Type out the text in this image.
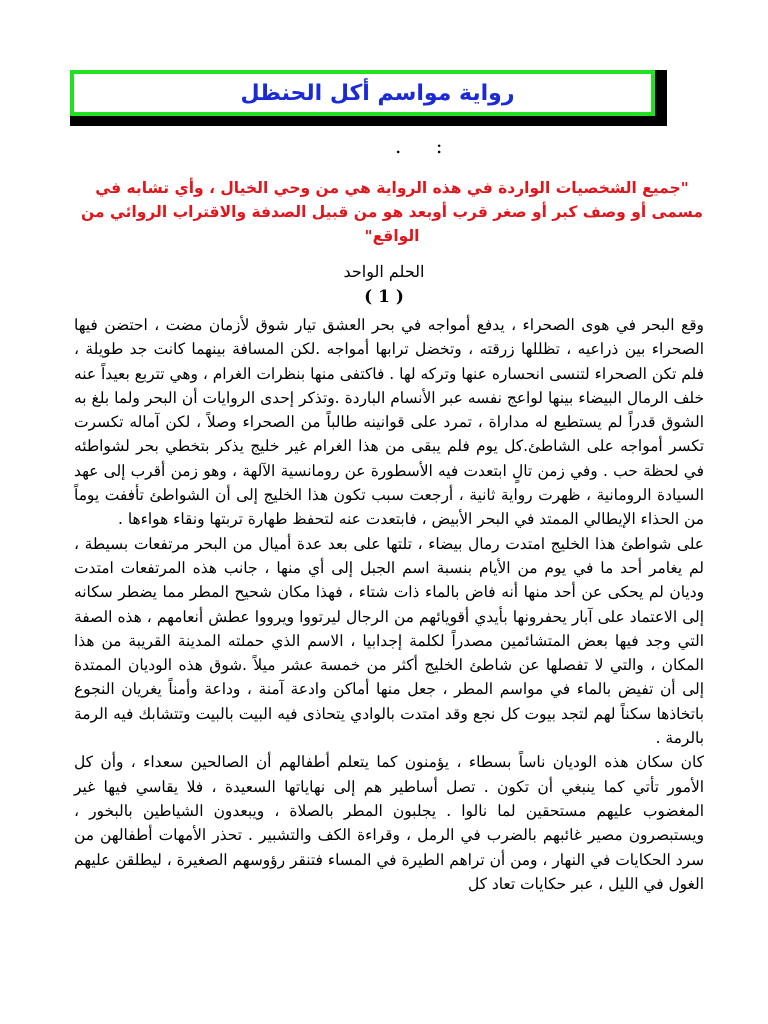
رواية مواسم أكل الحنظل
. :
"جميع الشخصيات الواردة في هذه الرواية هي من وحي الخيال ، وأي تشابه في مسمى أو وصف كبر أو صغر قرب أوبعد هو من قبيل الصدفة والاقتراب الروائي من الواقع"
الحلم الواحد
( 1 )

وقع البحر في هوى الصحراء ، يدفع أمواجه في بحر العشق تيار شوق لأزمان مضت ، احتضن فيها الصحراء بين ذراعيه ، تظللها زرقته ، وتخضل ترابها أمواجه .لكن المسافة بينهما كانت جد طويلة ، فلم تكن الصحراء لتنسى انحساره عنها وتركه لها . فاكتفى منها بنظرات الغرام ، وهي تتربع بعيداً عنه خلف الرمال البيضاء بينها لواعج نفسه عبر الأنسام الباردة .وتذكر إحدى الروايات أن البحر ولما بلغ به الشوق قدراً لم يستطيع له مداراة ، تمرد على قوانينه طالباً من الصحراء وصلاً ، لكن آماله تكسرت تكسر أمواجه على الشاطئ.كل يوم فلم يبقى من هذا الغرام غير خليج يذكر بتخطي بحر لشواطئه في لحظة حب . وفي زمن تالٍ ابتعدت فيه الأسطورة عن رومانسية الآلهة ، وهو زمن أقرب إلى عهد السيادة الرومانية ، ظهرت رواية ثانية ، أرجعت سبب تكون هذا الخليج إلى أن الشواطئ تأففت يوماً من الحذاء الإيطالي الممتد في البحر الأبيض ، فابتعدت عنه لتحفظ طهارة تربتها ونقاء هواءها .

على شواطئ هذا الخليج امتدت رمال بيضاء ، تلتها على بعد عدة أميال من البحر مرتفعات بسيطة ، لم يغامر أحد ما في يوم من الأيام بنسبة اسم الجبل إلى أي منها ، جانب هذه المرتفعات امتدت وديان لم يحكى عن أحد منها أنه فاض بالماء ذات شتاء ، فهذا مكان شحيح المطر مما يضطر سكانه إلى الاعتماد على آبار يحفرونها بأيدي أقويائهم من الرجال ليرتووا ويرووا عطش أنعامهم ، هذه الصفة التي وجد فيها بعض المتشائمين مصدراً لكلمة إجدابيا ، الاسم الذي حملته المدينة القريبة من هذا المكان ، والتي لا تفصلها عن شاطئ الخليج أكثر من خمسة عشر ميلاً .شوق هذه الوديان الممتدة إلى أن تفيض بالماء في مواسم المطر ، جعل منها أماكن وادعة آمنة ، وداعة وأمناً يغريان النجوع باتخاذها سكناً لهم لتجد بيوت كل نجع وقد امتدت بالوادي يتحاذى فيه البيت بالبيت وتتشابك فيه الرمة بالرمة .

كان سكان هذه الوديان ناساً بسطاء ، يؤمنون كما يتعلم أطفالهم أن الصالحين سعداء ، وأن كل الأمور تأتي كما ينبغي أن تكون . تصل أساطير هم إلى نهاياتها السعيدة ، فلا يقاسي فيها غير المغضوب عليهم مستحقين لما نالوا . يجلبون المطر بالصلاة ، ويبعدون الشياطين بالبخور ، ويستبصرون مصير غائبهم بالضرب في الرمل ، وقراءة الكف والتشبير . تحذر الأمهات أطفالهن من سرد الحكايات في النهار ، ومن أن تراهم الطيرة في المساء فتنقر رؤوسهم الصغيرة ، ليطلقن عليهم الغول في الليل ، عبر حكايات تعاد كل
